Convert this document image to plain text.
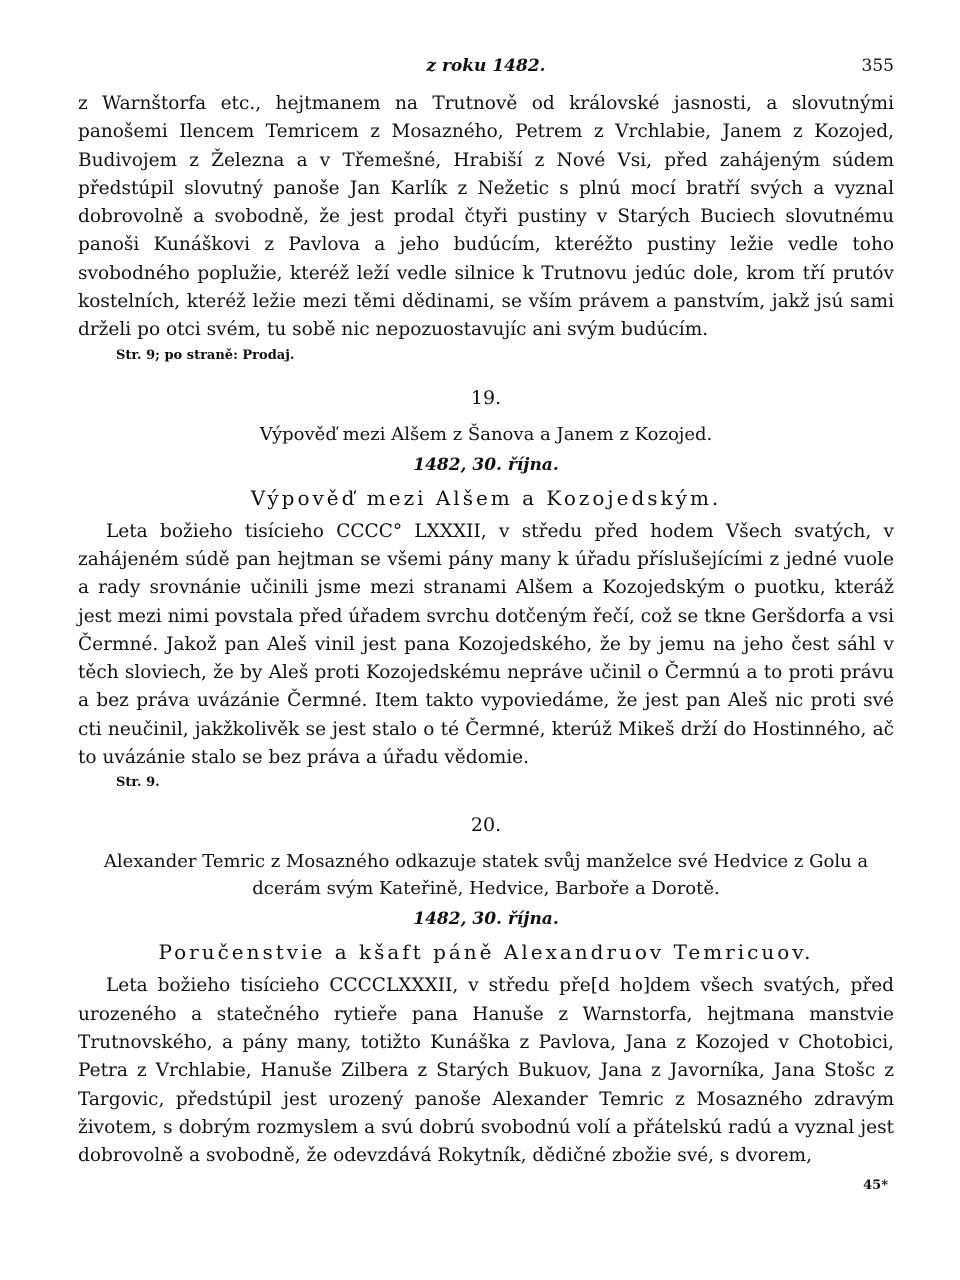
z roku 1482.	355

z Warnštorfa etc., hejtmanem na Trutnově od královské jasnosti, a slovutnými panošemi Ilencem Temricem z Mosazného, Petrem z Vrchlabie, Janem z Kozojed, Budivojem z Železna a v Třemešné, Hrabiší z Nové Vsi, před zahájeným súdem předstúpil slovutný panoše Jan Karlík z Nežetic s plnú mocí bratří svých a vyznal dobrovolně a svobodně, že jest prodal čtyři pustiny v Starých Buciech slovutnému panoši Kunáškovi z Pavlova a jeho budúcím, kteréžto pustiny ležie vedle toho svobodného poplužie, kteréž leží vedle silnice k Trutnovu jedúc dole, krom tří prutóv kostelních, kteréž ležie mezi těmi dědinami, se vším právem a panstvím, jakž jsú sami drželi po otci svém, tu sobě nic nepozuostavujíc ani svým budúcím.

Str. 9; po straně: Prodaj.
19.
Výpověď mezi Alšem z Šanova a Janem z Kozojed.
1482, 30. října.
Výpověď mezi Alšem a Kozojedským.

Leta božieho tisícieho CCCC° LXXXII, v středu před hodem Všech svatých, v zahájeném súdě pan hejtman se všemi pány many k úřadu příslušejícími z jedné vuole a rady srovnánie učinili jsme mezi stranami Alšem a Kozojedským o puotku, kteráž jest mezi nimi povstala před úřadem svrchu dotčeným řečí, což se tkne Geršdorfa a vsi Čermné. Jakož pan Aleš vinil jest pana Kozojedského, že by jemu na jeho čest sáhl v těch sloviech, že by Aleš proti Kozojedskému nepráve učinil o Čermnú a to proti právu a bez práva uvázánie Čermné. Item takto vypoviedáme, že jest pan Aleš nic proti své cti neučinil, jakžkolivěk se jest stalo o té Čermné, kterúž Mikeš drží do Hostinného, ač to uvázánie stalo se bez práva a úřadu vědomie.

Str. 9.
20.
Alexander Temric z Mosazného odkazuje statek svůj manželce své Hedvice z Golu a dcerám svým Kateřině, Hedvice, Barboře a Dorotě.
1482, 30. října.
Poručenstvie a kšaft páně Alexandruov Temricuov.

Leta božieho tisícieho CCCCLXXXII, v středu pře[d ho]dem všech svatých, před urozeného a statečného rytieře pana Hanuše z Warnstorfa, hejtmana manstvie Trutnovského, a pány many, totižto Kunáška z Pavlova, Jana z Kozojed v Chotobici, Petra z Vrchlabie, Hanuše Zilbera z Starých Bukuov, Jana z Javorníka, Jana Stošc z Targovic, předstúpil jest urozený panoše Alexander Temric z Mosazného zdravým životem, s dobrým rozmyslem a svú dobrú svobodnú volí a přátelskú radú a vyznal jest dobrovolně a svobodně, že odevzdává Rokytník, dědičné zbožie své, s dvorem,

45*
